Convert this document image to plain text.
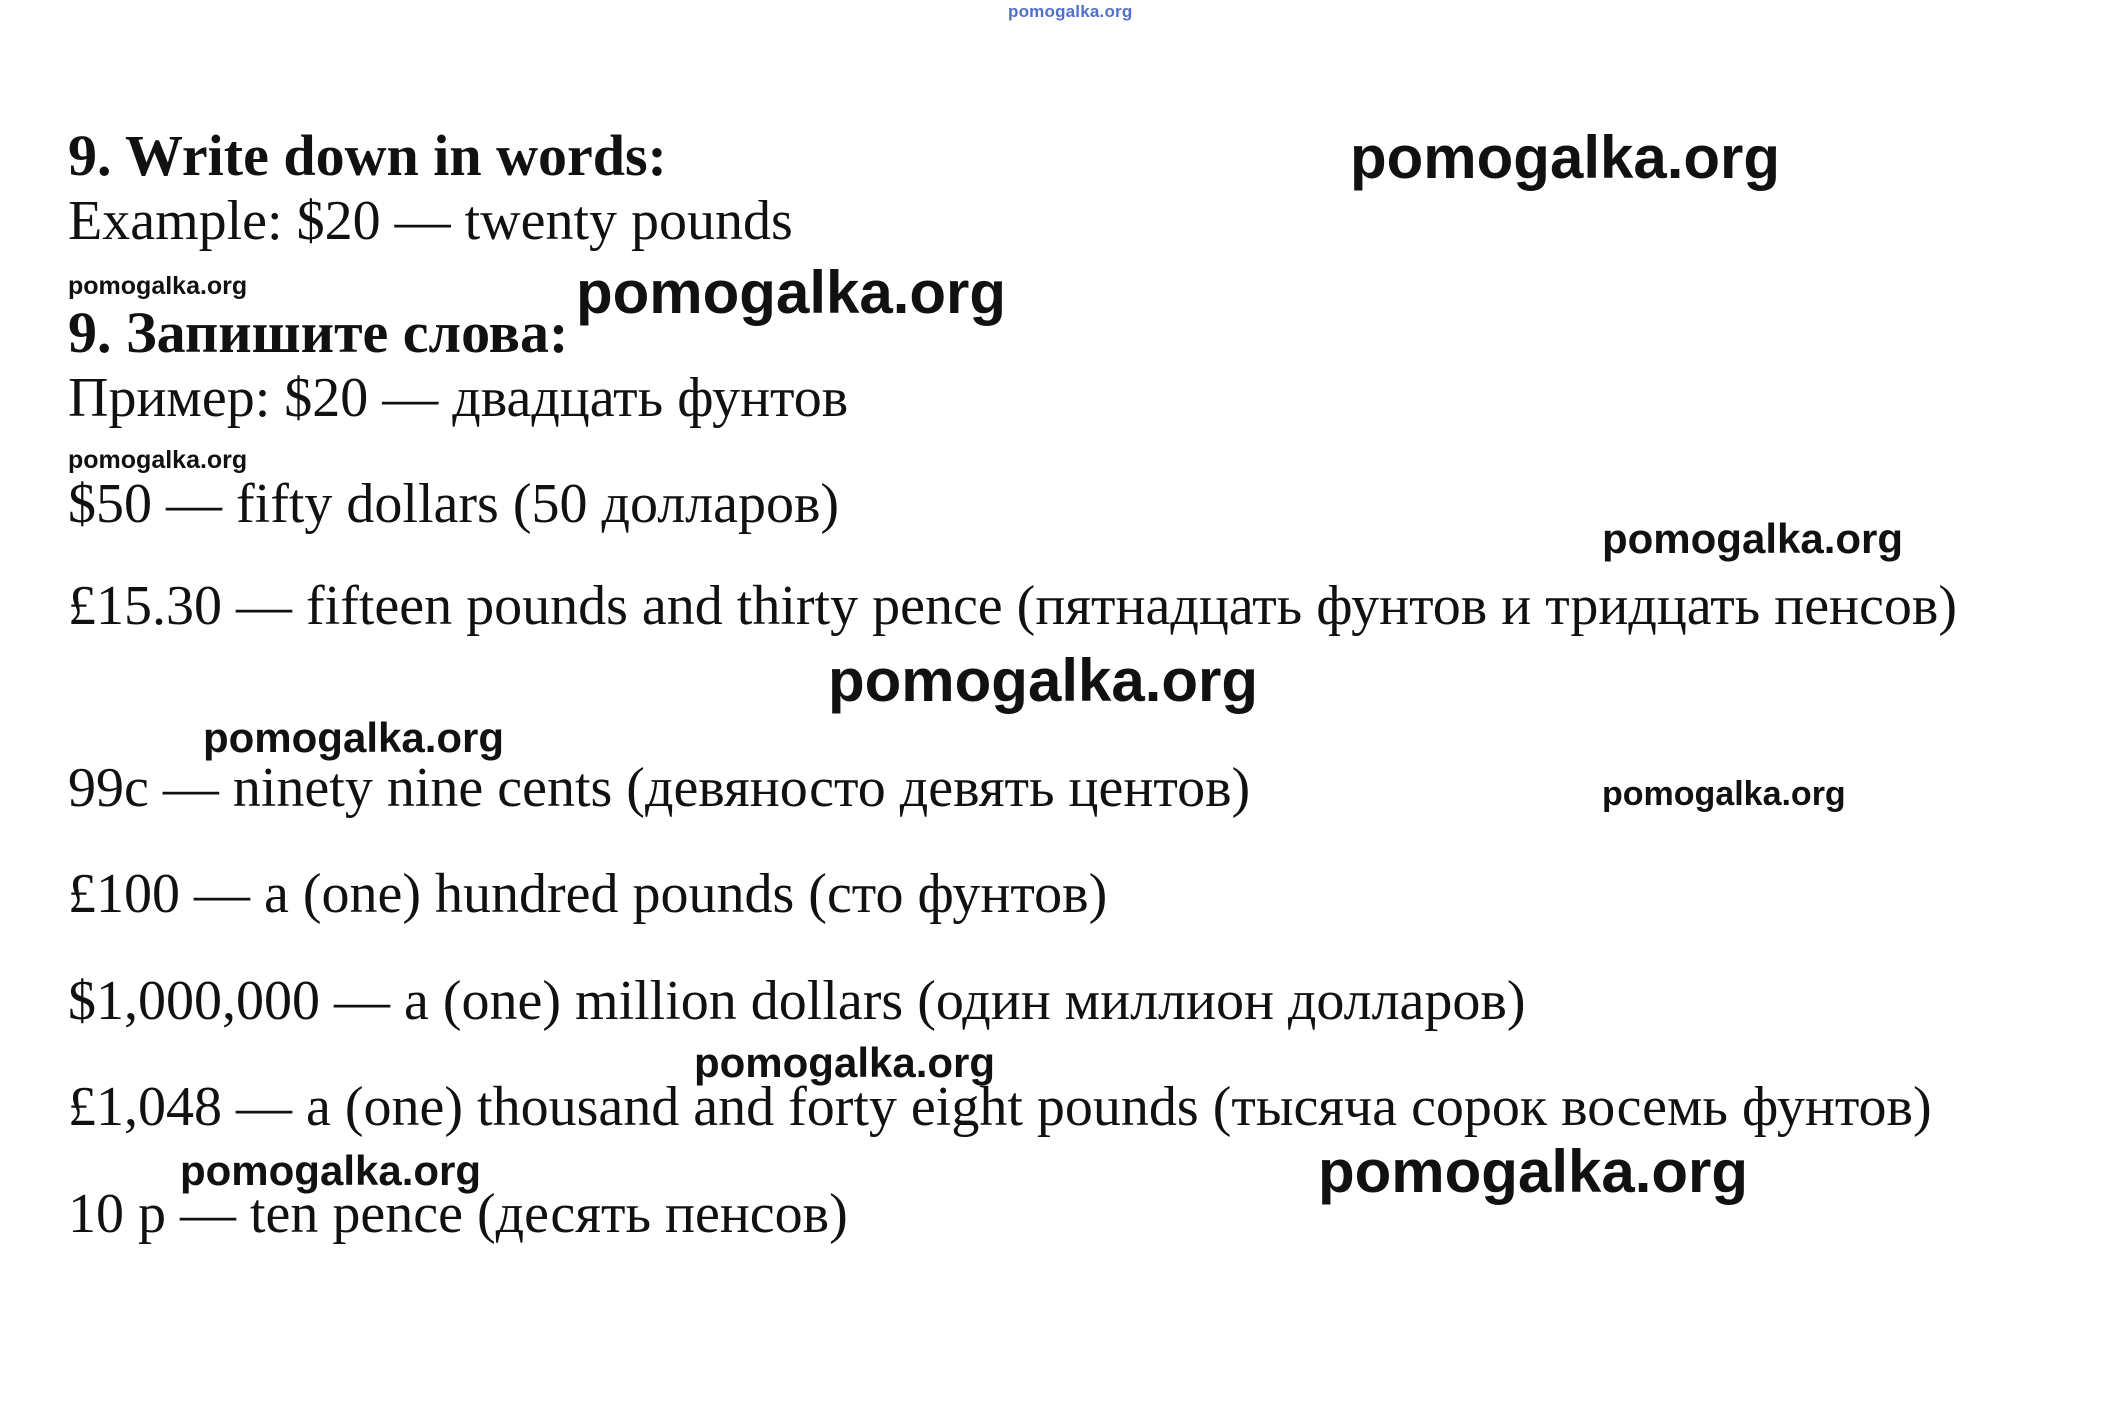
pomogalka.org
9. Write down in words:
Example: $20 — twenty pounds
9. Запишите слова:
Пример: $20 — двадцать фунтов
$50 — fifty dollars (50 долларов)
£15.30 — fifteen pounds and thirty pence (пятнадцать фунтов и тридцать пенсов)
99c — ninety nine cents (девяносто девять центов)
£100 — a (one) hundred pounds (сто фунтов)
$1,000,000 — a (one) million dollars (один миллион долларов)
£1,048 — a (one) thousand and forty eight pounds (тысяча сорок восемь фунтов)
10 p — ten pence (десять пенсов)
pomogalka.org
pomogalka.org	pomogalka.org
pomogalka.org
pomogalka.org
pomogalka.org
pomogalka.org
pomogalka.org
pomogalka.org
pomogalka.org	pomogalka.org
